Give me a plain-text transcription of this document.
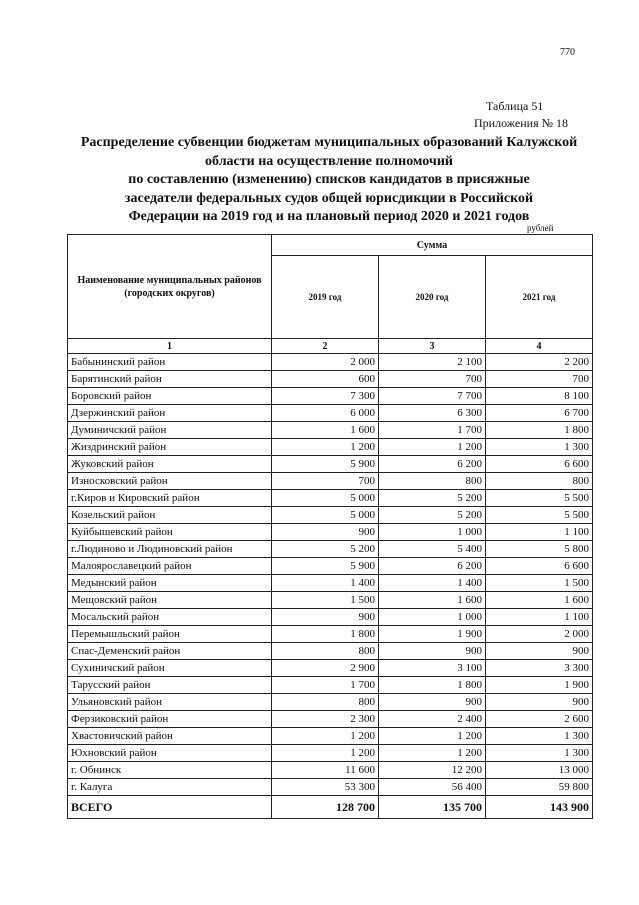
770
Таблица 51
Приложения № 18
Распределение субвенции бюджетам муниципальных образований Калужской
области на осуществление полномочий
по составлению (изменению) списков кандидатов в присяжные
заседатели федеральных судов общей юрисдикции в Российской
Федерации на 2019 год и на плановый период 2020 и 2021 годов
рублей
Наименование муниципальных районов (городских округов)	Сумма		
	2019 год	2020 год	2021 год
1	2	3	4
Бабынинский район	2 000	2 100	2 200
Барятинский район	600	700	700
Боровский район	7 300	7 700	8 100
Дзержинский район	6 000	6 300	6 700
Думиничский район	1 600	1 700	1 800
Жиздринский район	1 200	1 200	1 300
Жуковский район	5 900	6 200	6 600
Износковский район	700	800	800
г.Киров и Кировский район	5 000	5 200	5 500
Козельский район	5 000	5 200	5 500
Куйбышевский район	900	1 000	1 100
г.Людиново и Людиновский район	5 200	5 400	5 800
Малоярославецкий район	5 900	6 200	6 600
Медынский район	1 400	1 400	1 500
Мещовский район	1 500	1 600	1 600
Мосальский район	900	1 000	1 100
Перемышльский район	1 800	1 900	2 000
Спас-Деменский район	800	900	900
Сухиничский район	2 900	3 100	3 300
Тарусский район	1 700	1 800	1 900
Ульяновский район	800	900	900
Ферзиковский район	2 300	2 400	2 600
Хвастовичский район	1 200	1 200	1 300
Юхновский район	1 200	1 200	1 300
г. Обнинск	11 600	12 200	13 000
г. Калуга	53 300	56 400	59 800
ВСЕГО	128 700	135 700	143 900
